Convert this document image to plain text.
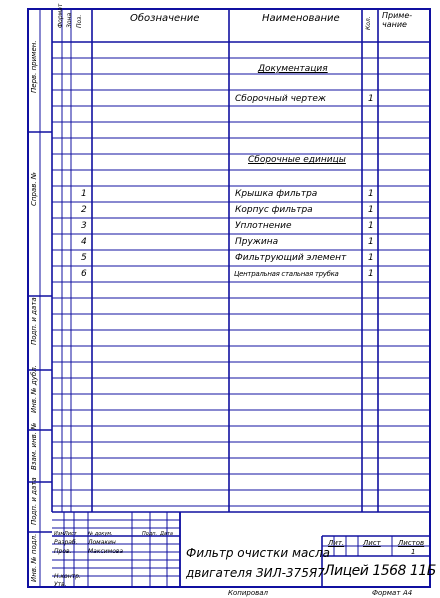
Формат Зона Поз.	Обозначение	Наименование	Кол.
Приме-чание
Перв. примен.
Справ. №
Подп. и дата
Инв. № дубл.
Взам. инв. №
Подп. и дата
Инв. № подл.
Документация
Сборочный чертеж	1
Сборочные единицы
1	Крышка фильтра	1
2	Корпус фильтра	1
3	Уплотнение	1
4	Пружина	1
5	Фильтрующий элемент 1
6	Центральная стальная трубка	1
Изм.
Лист № докум.	Подп. Дата
Разраб. Ломакин
Пров.	Максимова
Н.контр.
Утв.
Фильтр очистки масла
двигателя ЗИЛ-375Я7
Лит.	Лист Листов
1
Лицей 1568 11Б
Копировал	Формат А4
